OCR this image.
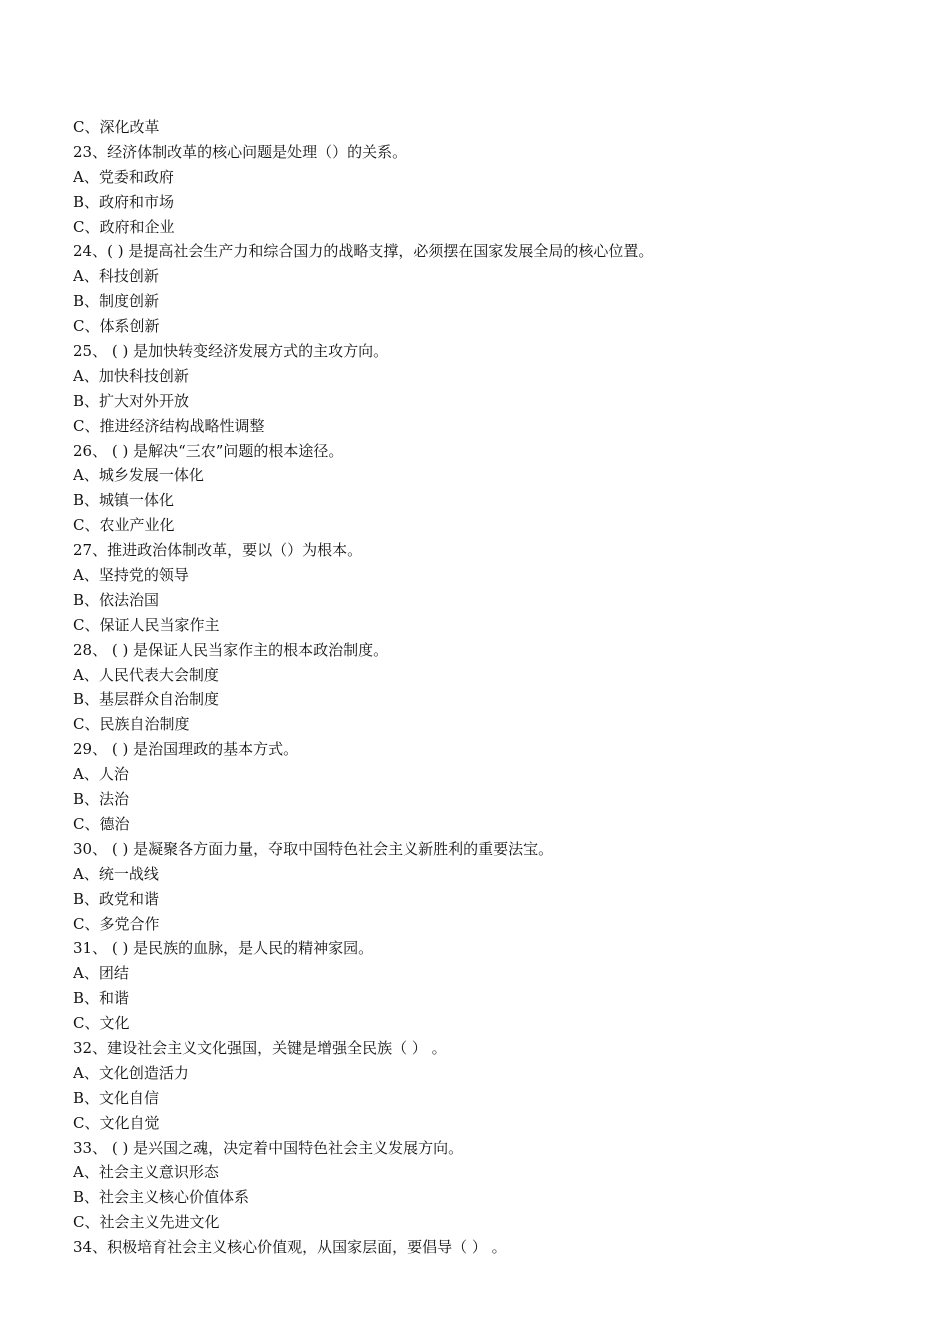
C、深化改革
23、经济体制改革的核心问题是处理（）的关系。
A、党委和政府
B、政府和市场
C、政府和企业
24、( ) 是提高社会生产力和综合国力的战略支撑，必须摆在国家发展全局的核心位置。
A、科技创新
B、制度创新
C、体系创新
25、 ( ) 是加快转变经济发展方式的主攻方向。
A、加快科技创新
B、扩大对外开放
C、推进经济结构战略性调整
26、 ( ) 是解决“三农”问题的根本途径。
A、城乡发展一体化
B、城镇一体化
C、农业产业化
27、推进政治体制改革，要以（）为根本。
A、坚持党的领导
B、依法治国
C、保证人民当家作主
28、 ( ) 是保证人民当家作主的根本政治制度。
A、人民代表大会制度
B、基层群众自治制度
C、民族自治制度
29、 ( ) 是治国理政的基本方式。
A、人治
B、法治
C、德治
30、 ( ) 是凝聚各方面力量，夺取中国特色社会主义新胜利的重要法宝。
A、统一战线
B、政党和谐
C、多党合作
31、 ( ) 是民族的血脉，是人民的精神家园。
A、团结
B、和谐
C、文化
32、建设社会主义文化强国，关键是增强全民族（ ） 。
A、文化创造活力
B、文化自信
C、文化自觉
33、 ( ) 是兴国之魂，决定着中国特色社会主义发展方向。
A、社会主义意识形态
B、社会主义核心价值体系
C、社会主义先进文化
34、积极培育社会主义核心价值观，从国家层面，要倡导（ ） 。
